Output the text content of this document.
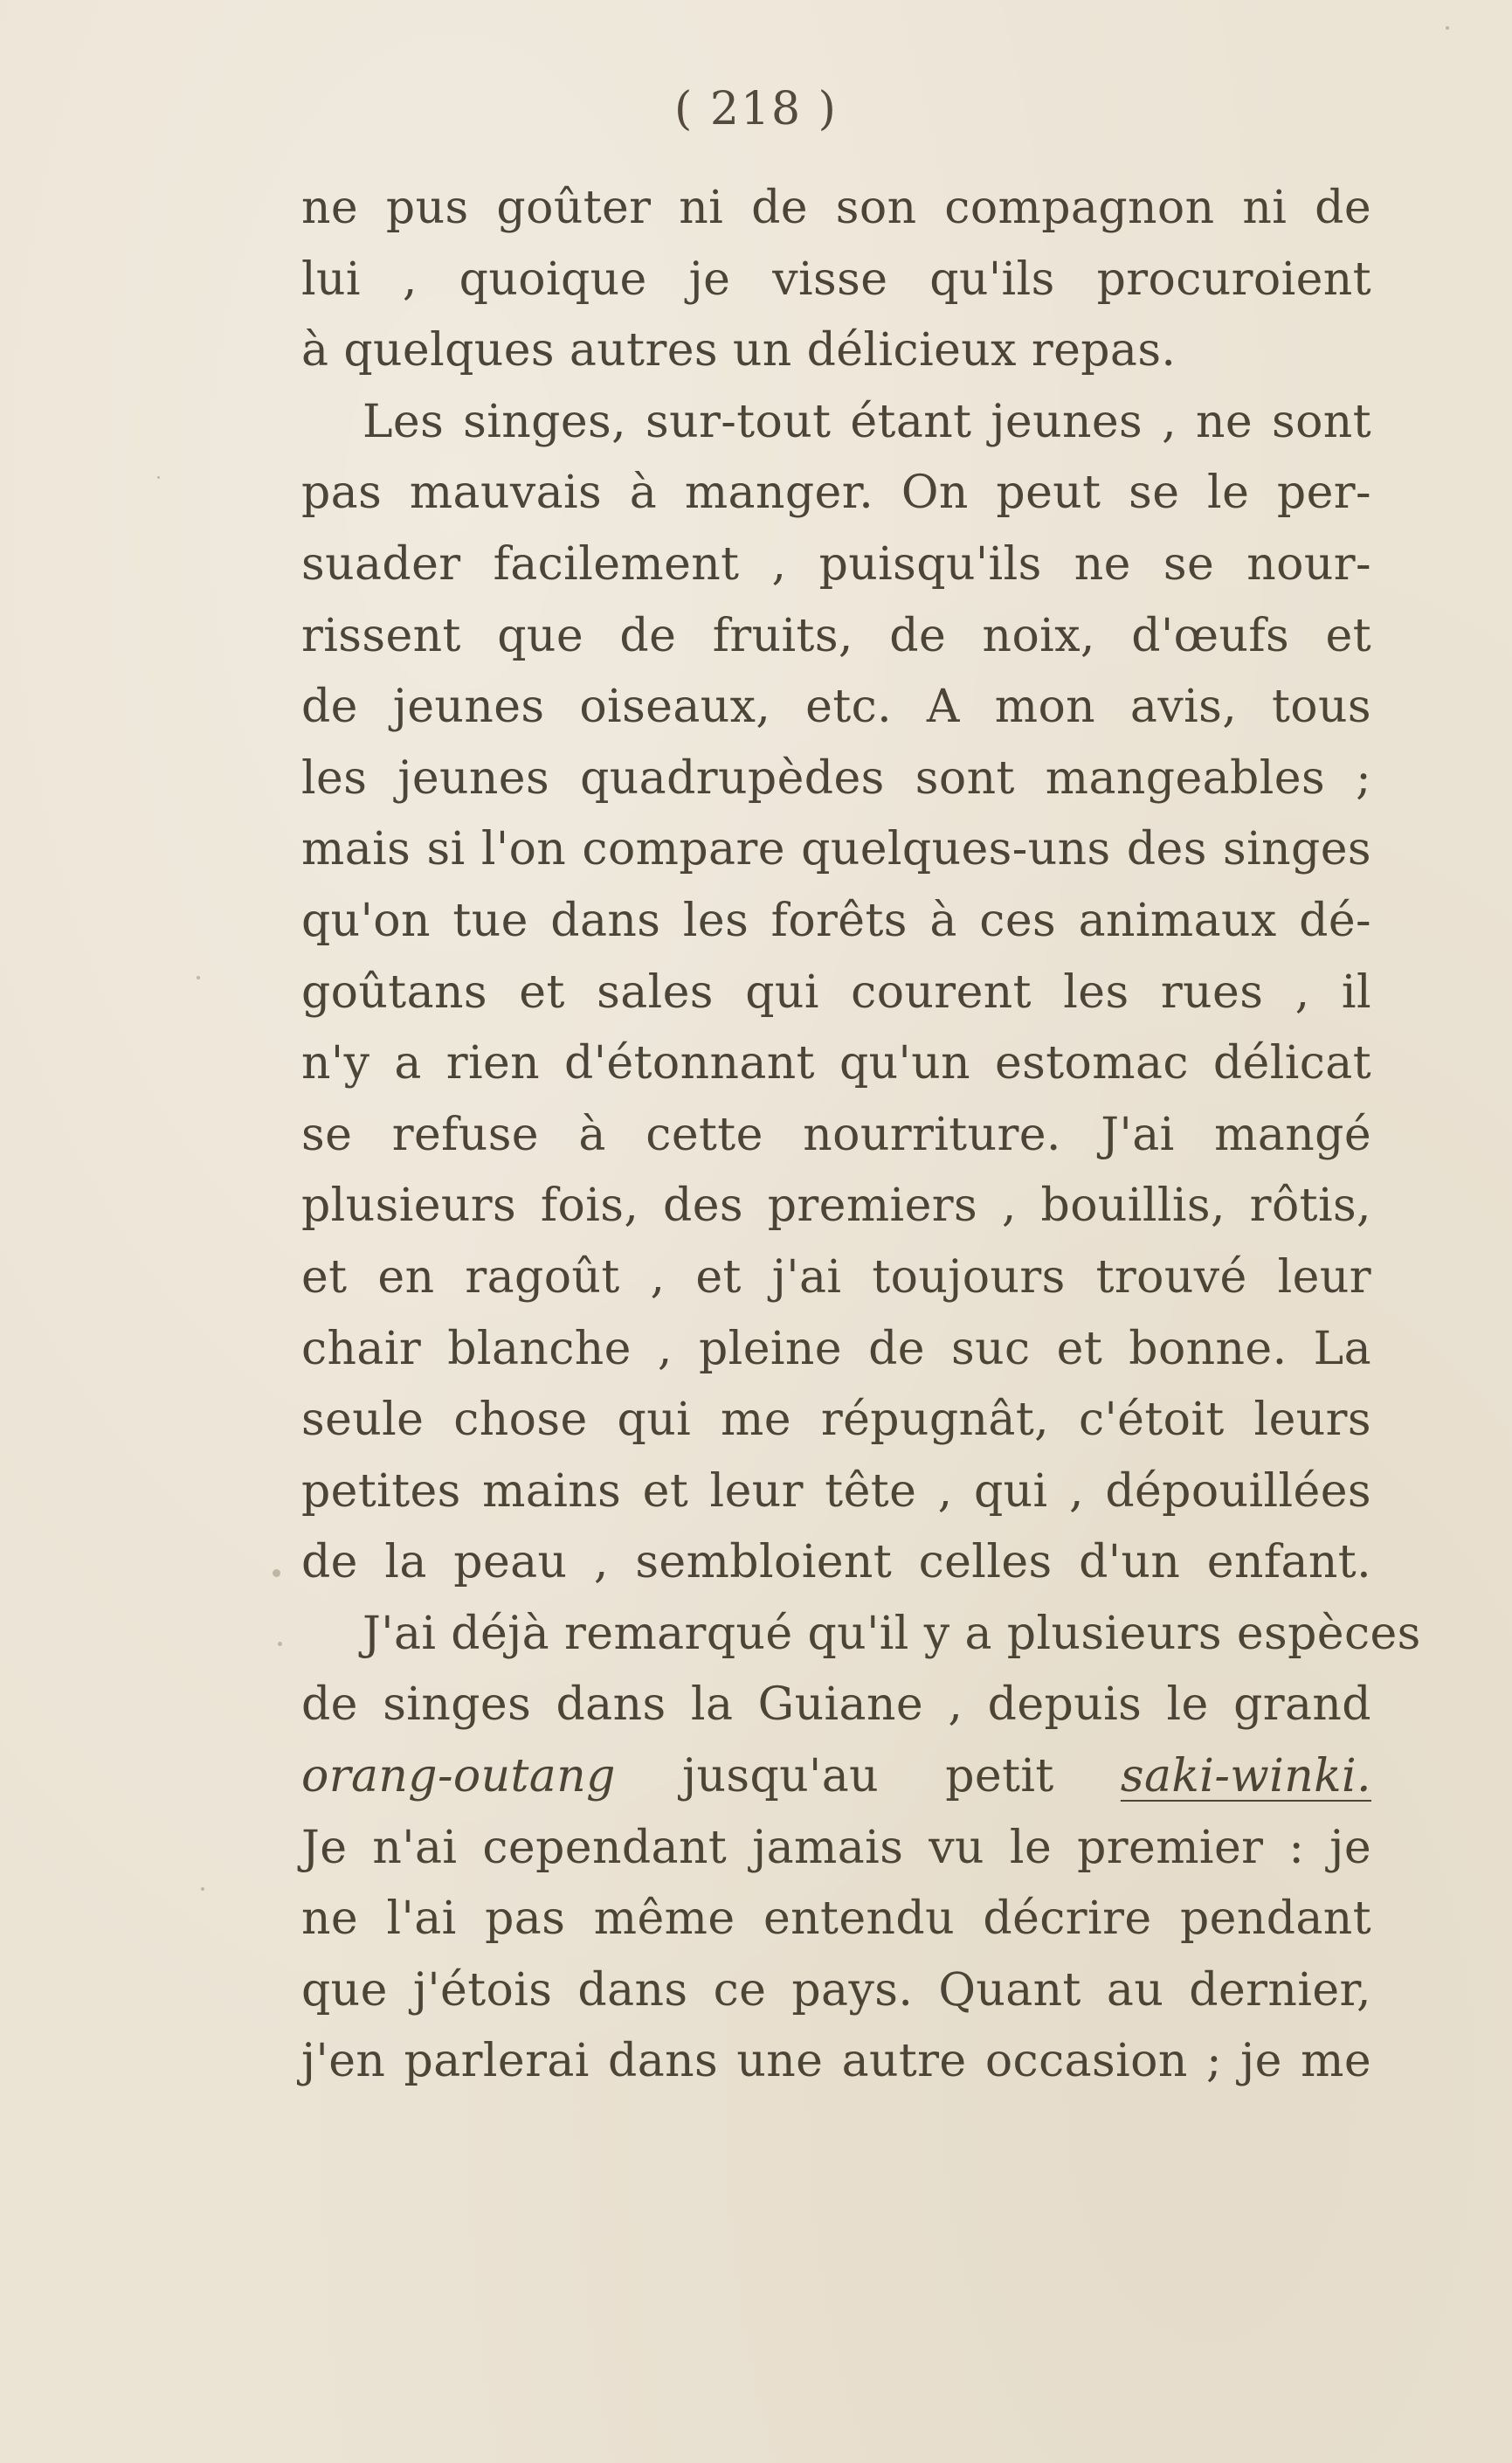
( 218 )
ne pus goûter ni de son compagnon ni de
lui , quoique je visse qu'ils procuroient
à quelques autres un délicieux repas.
Les singes, sur-tout étant jeunes , ne sont
pas mauvais à manger. On peut se le per-
suader facilement , puisqu'ils ne se nour-
rissent que de fruits, de noix, d'œufs et
de jeunes oiseaux, etc. A mon avis, tous
les jeunes quadrupèdes sont mangeables ;
mais si l'on compare quelques-uns des singes
qu'on tue dans les forêts à ces animaux dé-
goûtans et sales qui courent les rues , il
n'y a rien d'étonnant qu'un estomac délicat
se refuse à cette nourriture. J'ai mangé
plusieurs fois, des premiers , bouillis, rôtis,
et en ragoût , et j'ai toujours trouvé leur
chair blanche , pleine de suc et bonne. La
seule chose qui me répugnât, c'étoit leurs
petites mains et leur tête , qui , dépouillées
de la peau , sembloient celles d'un enfant.
J'ai déjà remarqué qu'il y a plusieurs espèces
de singes dans la Guiane , depuis le grand
orang-outang jusqu'au petit saki-winki.
Je n'ai cependant jamais vu le premier : je
ne l'ai pas même entendu décrire pendant
que j'étois dans ce pays. Quant au dernier,
j'en parlerai dans une autre occasion ; je me
